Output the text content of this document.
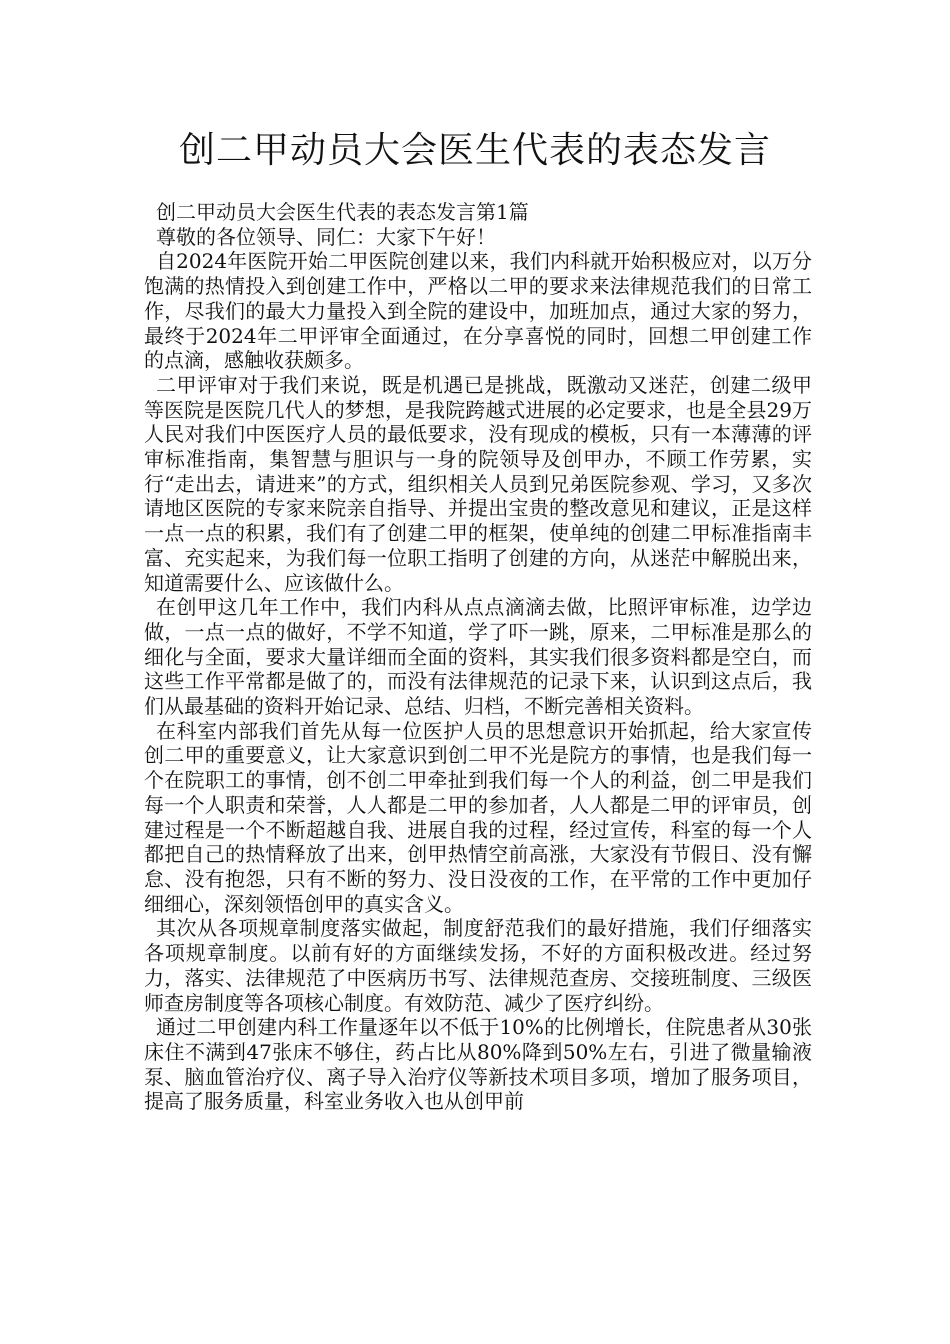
创二甲动员大会医生代表的表态发言

创二甲动员大会医生代表的表态发言第1篇

尊敬的各位领导、同仁：大家下午好！

自2024年医院开始二甲医院创建以来，我们内科就开始积极应对，以万分饱满的热情投入到创建工作中，严格以二甲的要求来法律规范我们的日常工作，尽我们的最大力量投入到全院的建设中，加班加点，通过大家的努力，最终于2024年二甲评审全面通过，在分享喜悦的同时，回想二甲创建工作的点滴，感触收获颇多。

二甲评审对于我们来说，既是机遇已是挑战，既激动又迷茫，创建二级甲等医院是医院几代人的梦想，是我院跨越式进展的必定要求，也是全县29万人民对我们中医医疗人员的最低要求，没有现成的模板，只有一本薄薄的评审标准指南，集智慧与胆识与一身的院领导及创甲办，不顾工作劳累，实行“走出去，请进来”的方式，组织相关人员到兄弟医院参观、学习，又多次请地区医院的专家来院亲自指导、并提出宝贵的整改意见和建议，正是这样一点一点的积累，我们有了创建二甲的框架，使单纯的创建二甲标准指南丰富、充实起来，为我们每一位职工指明了创建的方向，从迷茫中解脱出来，知道需要什么、应该做什么。

在创甲这几年工作中，我们内科从点点滴滴去做，比照评审标准，边学边做，一点一点的做好，不学不知道，学了吓一跳，原来，二甲标准是那么的细化与全面，要求大量详细而全面的资料，其实我们很多资料都是空白，而这些工作平常都是做了的，而没有法律规范的记录下来，认识到这点后，我们从最基础的资料开始记录、总结、归档，不断完善相关资料。

在科室内部我们首先从每一位医护人员的思想意识开始抓起，给大家宣传创二甲的重要意义，让大家意识到创二甲不光是院方的事情，也是我们每一个在院职工的事情，创不创二甲牵扯到我们每一个人的利益，创二甲是我们每一个人职责和荣誉，人人都是二甲的参加者，人人都是二甲的评审员，创建过程是一个不断超越自我、进展自我的过程，经过宣传，科室的每一个人都把自己的热情释放了出来，创甲热情空前高涨，大家没有节假日、没有懈怠、没有抱怨，只有不断的努力、没日没夜的工作，在平常的工作中更加仔细细心，深刻领悟创甲的真实含义。

其次从各项规章制度落实做起，制度舒范我们的最好措施，我们仔细落实各项规章制度。以前有好的方面继续发扬，不好的方面积极改进。经过努力，落实、法律规范了中医病历书写、法律规范查房、交接班制度、三级医师查房制度等各项核心制度。有效防范、减少了医疗纠纷。

通过二甲创建内科工作量逐年以不低于10%的比例增长，住院患者从30张床住不满到47张床不够住，药占比从80%降到50%左右，引进了微量输液泵、脑血管治疗仪、离子导入治疗仪等新技术项目多项，增加了服务项目，提高了服务质量，科室业务收入也从创甲前
